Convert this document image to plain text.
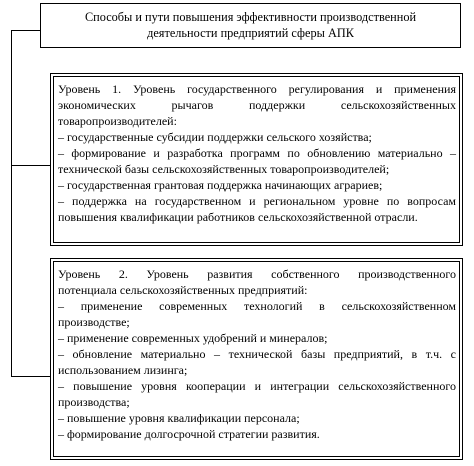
Способы и пути повышения эффективности производственной
деятельности предприятий сферы АПК
Уровень 1. Уровень государственного регулирования и применения
экономических рычагов поддержки сельскохозяйственных
товаропроизводителей:
– государственные субсидии поддержки сельского хозяйства;
– формирование и разработка программ по обновлению материально –
технической базы сельскохозяйственных товаропроизводителей;
– государственная грантовая поддержка начинающих аграриев;
– поддержка на государственном и региональном уровне по вопросам
повышения квалификации работников сельскохозяйственной отрасли.
Уровень 2. Уровень развития собственного производственного
потенциала сельскохозяйственных предприятий:
– применение современных технологий в сельскохозяйственном
производстве;
– применение современных удобрений и минералов;
– обновление материально – технической базы предприятий, в т.ч. с
использованием лизинга;
– повышение уровня кооперации и интеграции сельскохозяйственного
производства;
– повышение уровня квалификации персонала;
– формирование долгосрочной стратегии развития.
